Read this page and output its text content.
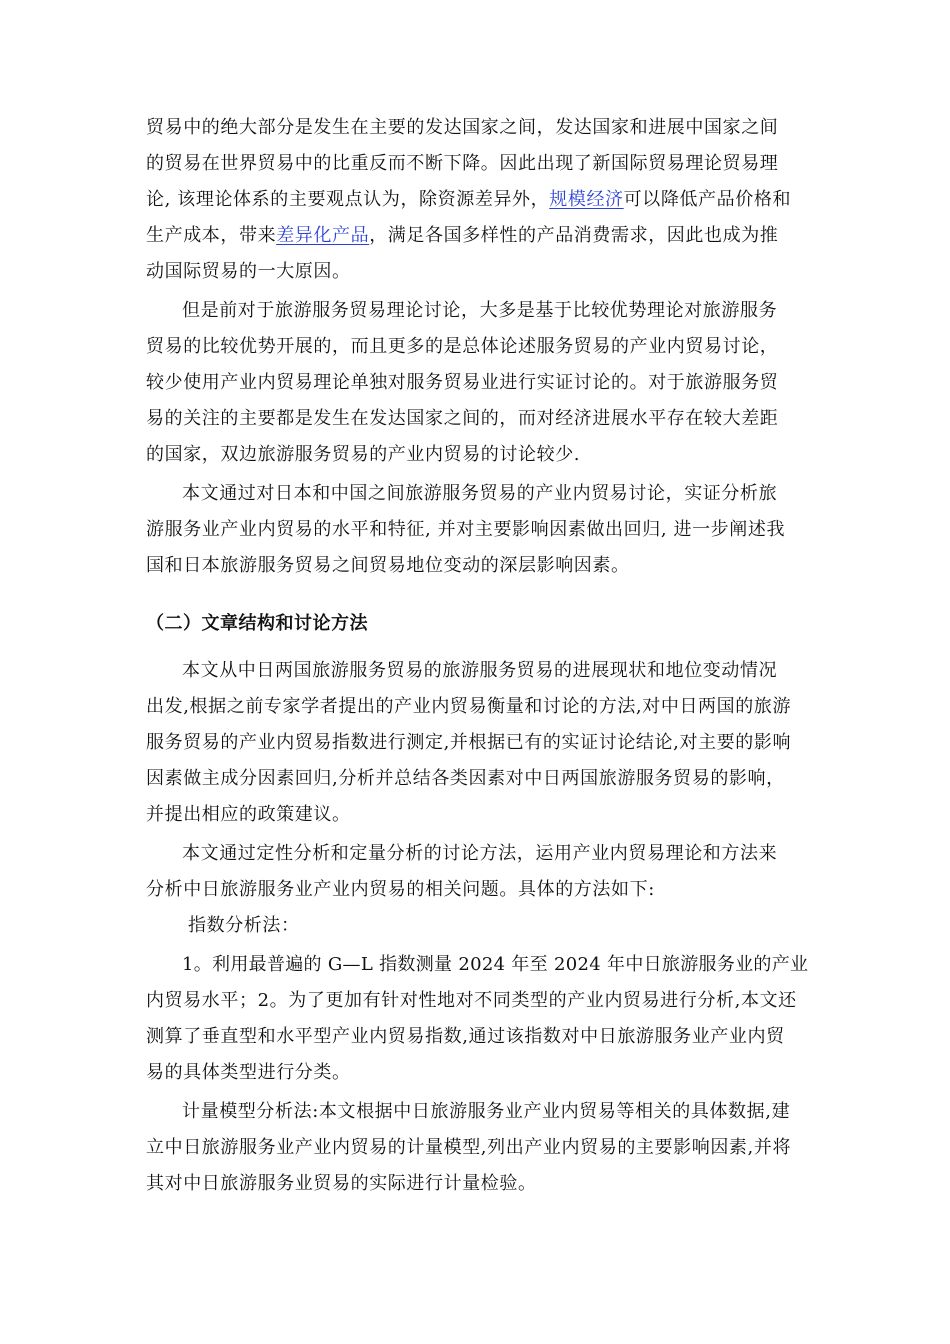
贸易中的绝大部分是发生在主要的发达国家之间，发达国家和进展中国家之间
的贸易在世界贸易中的比重反而不断下降。因此出现了新国际贸易理论贸易理
论, 该理论体系的主要观点认为，除资源差异外，规模经济可以降低产品价格和
生产成本，带来差异化产品，满足各国多样性的产品消费需求，因此也成为推
动国际贸易的一大原因。
但是前对于旅游服务贸易理论讨论，大多是基于比较优势理论对旅游服务
贸易的比较优势开展的，而且更多的是总体论述服务贸易的产业内贸易讨论，
较少使用产业内贸易理论单独对服务贸易业进行实证讨论的。对于旅游服务贸
易的关注的主要都是发生在发达国家之间的，而对经济进展水平存在较大差距
的国家，双边旅游服务贸易的产业内贸易的讨论较少.
本文通过对日本和中国之间旅游服务贸易的产业内贸易讨论，实证分析旅
游服务业产业内贸易的水平和特征, 并对主要影响因素做出回归, 进一步阐述我
国和日本旅游服务贸易之间贸易地位变动的深层影响因素。
（二）文章结构和讨论方法
本文从中日两国旅游服务贸易的旅游服务贸易的进展现状和地位变动情况
出发,根据之前专家学者提出的产业内贸易衡量和讨论的方法,对中日两国的旅游
服务贸易的产业内贸易指数进行测定,并根据已有的实证讨论结论,对主要的影响
因素做主成分因素回归,分析并总结各类因素对中日两国旅游服务贸易的影响，
并提出相应的政策建议。
本文通过定性分析和定量分析的讨论方法，运用产业内贸易理论和方法来
分析中日旅游服务业产业内贸易的相关问题。具体的方法如下:
指数分析法：
1。利用最普遍的 G—L 指数测量 2024 年至 2024 年中日旅游服务业的产业
内贸易水平；2。为了更加有针对性地对不同类型的产业内贸易进行分析,本文还
测算了垂直型和水平型产业内贸易指数,通过该指数对中日旅游服务业产业内贸
易的具体类型进行分类。
计量模型分析法:本文根据中日旅游服务业产业内贸易等相关的具体数据,建
立中日旅游服务业产业内贸易的计量模型,列出产业内贸易的主要影响因素,并将
其对中日旅游服务业贸易的实际进行计量检验。
